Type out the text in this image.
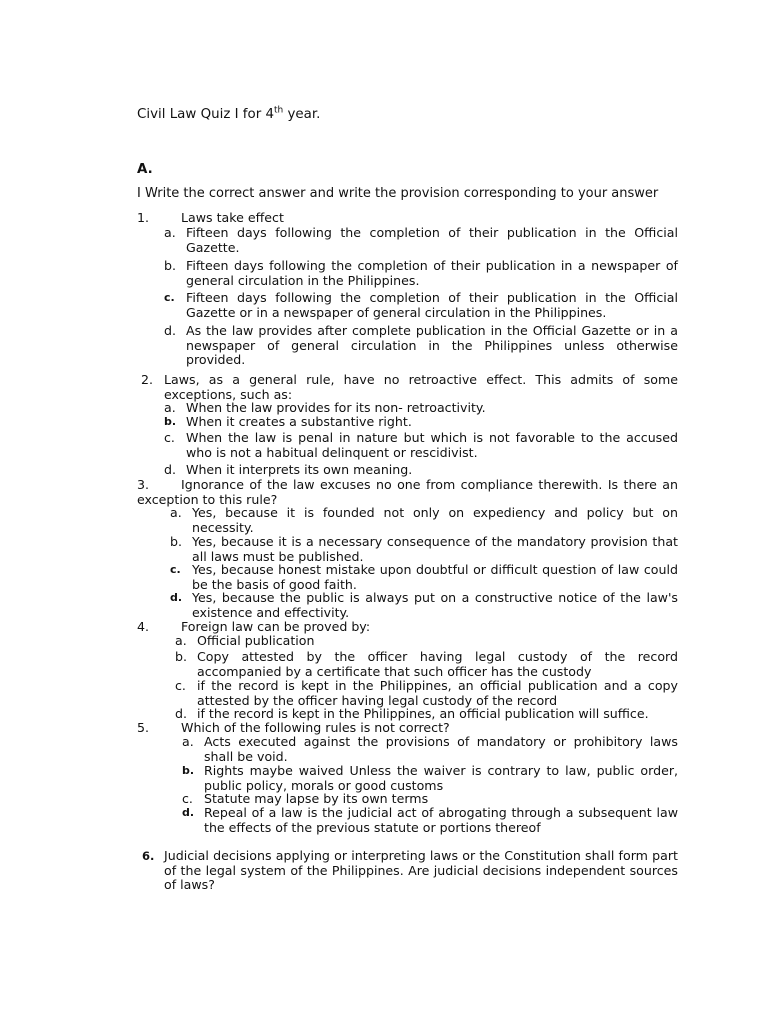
Civil Law Quiz I for 4th year.
A.
I Write the correct answer and write the provision corresponding to your answer
1.	Laws take effect
a. Fifteen days following the completion of their publication in the Official Gazette.
b. Fifteen days following the completion of their publication in a newspaper of general circulation in the Philippines.
c. Fifteen days following the completion of their publication in the Official Gazette or in a newspaper of general circulation in the Philippines.
d. As the law provides after complete publication in the Official Gazette or in a newspaper of general circulation in the Philippines unless otherwise provided.
2. Laws, as a general rule, have no retroactive effect. This admits of some exceptions, such as:
a. When the law provides for its non- retroactivity.
b. When it creates a substantive right.
c. When the law is penal in nature but which is not favorable to the accused who is not a habitual delinquent or rescidivist.
d. When it interprets its own meaning.
3.	Ignorance of the law excuses no one from compliance therewith. Is there an exception to this rule?
a. Yes, because it is founded not only on expediency and policy but on necessity.
b. Yes, because it is a necessary consequence of the mandatory provision that all laws must be published.
c. Yes, because honest mistake upon doubtful or difficult question of law could be the basis of good faith.
d. Yes, because the public is always put on a constructive notice of the law's existence and effectivity.
4.	Foreign law can be proved by:
a. Official publication
b. Copy attested by the officer having legal custody of the record accompanied by a certificate that such officer has the custody
c. if the record is kept in the Philippines, an official publication and a copy attested by the officer having legal custody of the record
d. if the record is kept in the Philippines, an official publication will suffice.
5.	Which of the following rules is not correct?
a. Acts executed against the provisions of mandatory or prohibitory laws shall be void.
b. Rights maybe waived Unless the waiver is contrary to law, public order, public policy, morals or good customs
c. Statute may lapse by its own terms
d. Repeal of a law is the judicial act of abrogating through a subsequent law the effects of the previous statute or portions thereof
6. Judicial decisions applying or interpreting laws or the Constitution shall form part of the legal system of the Philippines. Are judicial decisions independent sources of laws?
